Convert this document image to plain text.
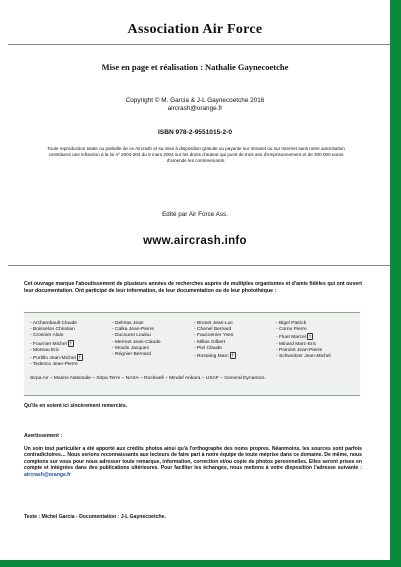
Association Air Force
Mise en page et réalisation : Nathalie Gaynecoetche
Copyright © M. Garcia & J-L Gaynecoetche 2016
aircrash@orange.fr
ISBN 978-2-9551015-2-0
Toute reproduction totale ou partielle de ce Aircrash et sa mise à disposition gratuite ou payante sur Intranet ou sur Internet sans notre autorisation constituent une infraction à la loi nº 2004-204 du 9 mars 2004 sur les droits d'auteur qui punit de trois ans d'emprisonnement et de 300 000 euros d'amende les contrevenants.
Edité par Air Force Ass.
www.aircrash.info
Cet ouvrage marque l'aboutissement de plusieurs années de recherches auprès de multiples organismes et d'amis fidèles qui ont ouvert leur documentation. Ont participé de leur information, de leur documentation ou de leur photothèque :
- Archambault Claude
- Boisselon Christian
- Crosnier Alain
- Fournier Michel †
- Moreau Eric
- Portillo Jean-Michel †
- Tedesco Jean-Pierre
- Delmas Jean
- Calka Jean-Pierre
- Ducouret Loulou
- Mermet Jean-Claude
- Moulin Jacques
- Régnier Bernard
- Brunet Jean-Luc
- Chenel Bernard
- Fauconnier Yves
- Millas Gilbert
- Piel Claude
- Rostaing Marc †
- Bigel Patrick
- Cornu Pierre
- Fluet Marcel †
- Minard Marc-Eric
- Poirolot Jean-Pierre
- Schweitzer Jean-Michel
Sirpa Air – Marine Nationale – Sirpa Terre – NASA – Rockwell – Mindef Ankara – USAF – General Dynamics.
Qu'ils en soient ici sincèrement remerciés.
Avertissement :
Un soin tout particulier a été apporté aux crédits photos ainsi qu'à l'orthographe des noms propres. Néanmoins, les sources sont parfois contradictoires… Nous serions reconnaissants aux lecteurs de faire part à notre équipe de toute méprise dans ce domaine. De même, nous comptons sur vous pour nous adresser toute remarque, information, correction et/ou copie de photos personnelles. Elles seront prises en compte et intégrées dans des publications ultérieures. Pour faciliter les échanges, nous mettons à votre disposition l'adresse suivante : aircrash@orange.fr
Texte : Michel Garcia - Documentation : J-L Gaynecoetche.
